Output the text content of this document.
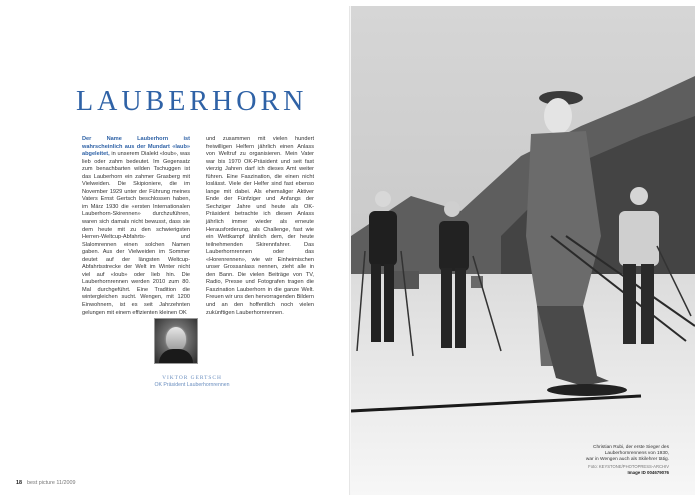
LAUBERHORN
Der Name Lauberhorn ist wahrscheinlich aus der Mundart «laub» abgeleitet, in unserem Dialekt «loub», was lieb oder zahm bedeutet. Im Gegensatz zum benachbarten wilden Tschuggen ist das Lauberhorn ein zahmer Grasberg mit Vielweiden. Die Skipioniere, die im November 1929 unter der Führung meines Vaters Ernst Gertsch beschlossen haben, im März 1930 die «ersten Internationalen Lauberhorn-Skirennen» durchzuführen, waren sich damals nicht bewusst, dass sie dem heute mit zu den schwierigsten Herren-Weltcup-Abfahrts- und Slalomrennen einen solchen Namen gaben. Aus der Vielweiden im Sommer deutet auf der längsten Weltcup-Abfahrtsstrecke der Welt im Winter nicht viel auf «loub» oder lieb hin. Die Lauberhornrennen werden 2010 zum 80. Mal durchgeführt. Eine Tradition die wintergleichen sucht. Wengen, mit 1200 Einwohnern, ist es seit Jahrzehnten gelungen mit einem effizienten kleinen OK
und zusammen mit vielen hundert freiwilligen Helfern jährlich einen Anlass von Weltruf zu organisieren. Mein Vater war bis 1970 OK-Präsident und seit fast vierzig Jahren darf ich dieses Amt weiter führen. Eine Faszination, die einen nicht loslässt. Viele der Helfer sind fast ebenso lange mit dabei. Als ehemaliger Aktiver Ende der Fünfziger und Anfangs der Sechziger Jahre und heute als OK-Präsident betrachte ich diesen Anlass jährlich immer wieder als erneute Herausforderung, als Challenge, fast wie ein Wettkampf ähnlich dem, der heute teilnehmenden Skirennfahrer. Das Lauberhornrennen oder das «Horenrennen», wie wir Einheimischen unser Grossanlass nennen, zieht alle in den Bann. Die vielen Beiträge von TV, Radio, Presse und Fotografen tragen die Faszination Lauberhorn in die ganze Welt. Freuen wir uns den hervorragenden Bildern und an den hoffentlich noch vielen zukünftigen Lauberhornrennen.
VIKTOR GERTSCH
OK Präsident Lauberhornrennen
18 best picture 11/2009
Christian Rubi, der erste Sieger des
Lauberhornrennens von 1930,
war in Wengen auch als Skilehrer tätig.
Foto: KEYSTONE/PHOTOPRESS-ARCHIV
Image ID 004679076
